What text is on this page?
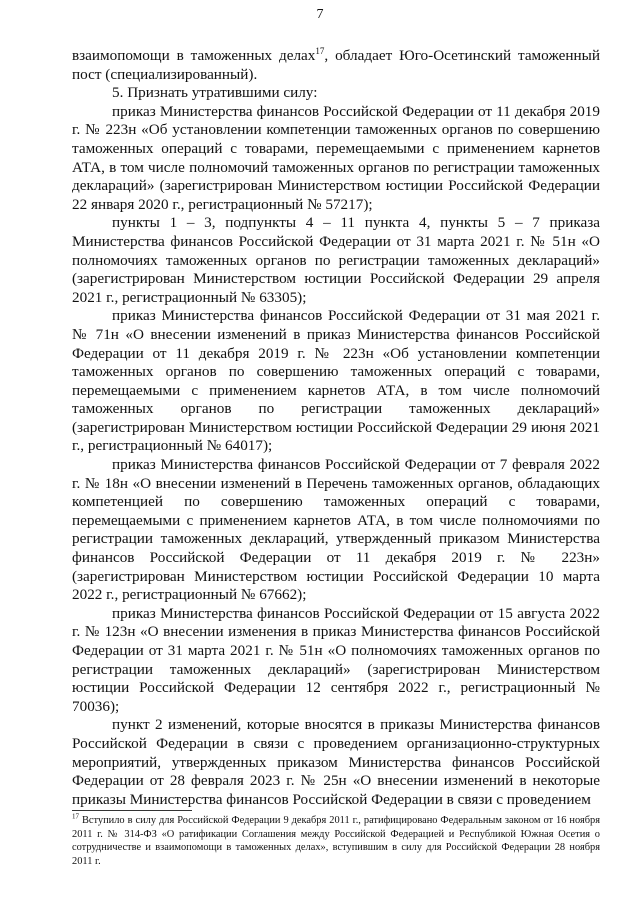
7

взаимопомощи в таможенных делах$^{17}$, обладает Юго-Осетинский таможенный пост (специализированный).

5. Признать утратившими силу:

приказ Министерства финансов Российской Федерации от 11 декабря 2019 г. № 223н «Об установлении компетенции таможенных органов по совершению таможенных операций с товарами, перемещаемыми с применением карнетов АТА, в том числе полномочий таможенных органов по регистрации таможенных деклараций» (зарегистрирован Министерством юстиции Российской Федерации 22 января 2020 г., регистрационный № 57217);

пункты 1 – 3, подпункты 4 – 11 пункта 4, пункты 5 – 7 приказа Министерства финансов Российской Федерации от 31 марта 2021 г. № 51н «О полномочиях таможенных органов по регистрации таможенных деклараций» (зарегистрирован Министерством юстиции Российской Федерации 29 апреля 2021 г., регистрационный № 63305);

приказ Министерства финансов Российской Федерации от 31 мая 2021 г. № 71н «О внесении изменений в приказ Министерства финансов Российской Федерации от 11 декабря 2019 г. № 223н «Об установлении компетенции таможенных органов по совершению таможенных операций с товарами, перемещаемыми с применением карнетов АТА, в том числе полномочий таможенных органов по регистрации таможенных деклараций» (зарегистрирован Министерством юстиции Российской Федерации 29 июня 2021 г., регистрационный № 64017);

приказ Министерства финансов Российской Федерации от 7 февраля 2022 г. № 18н «О внесении изменений в Перечень таможенных органов, обладающих компетенцией по совершению таможенных операций с товарами, перемещаемыми с применением карнетов АТА, в том числе полномочиями по регистрации таможенных деклараций, утвержденный приказом Министерства финансов Российской Федерации от 11 декабря 2019 г. № 223н» (зарегистрирован Министерством юстиции Российской Федерации 10 марта 2022 г., регистрационный № 67662);

приказ Министерства финансов Российской Федерации от 15 августа 2022 г. № 123н «О внесении изменения в приказ Министерства финансов Российской Федерации от 31 марта 2021 г. № 51н «О полномочиях таможенных органов по регистрации таможенных деклараций» (зарегистрирован Министерством юстиции Российской Федерации 12 сентября 2022 г., регистрационный № 70036);

пункт 2 изменений, которые вносятся в приказы Министерства финансов Российской Федерации в связи с проведением организационно-структурных мероприятий, утвержденных приказом Министерства финансов Российской Федерации от 28 февраля 2023 г. № 25н «О внесении изменений в некоторые приказы Министерства финансов Российской Федерации в связи с проведением

$^{17}$ Вступило в силу для Российской Федерации 9 декабря 2011 г., ратифицировано Федеральным законом от 16 ноября 2011 г. № 314-ФЗ «О ратификации Соглашения между Российской Федерацией и Республикой Южная Осетия о сотрудничестве и взаимопомощи в таможенных делах», вступившим в силу для Российской Федерации 28 ноября 2011 г.
